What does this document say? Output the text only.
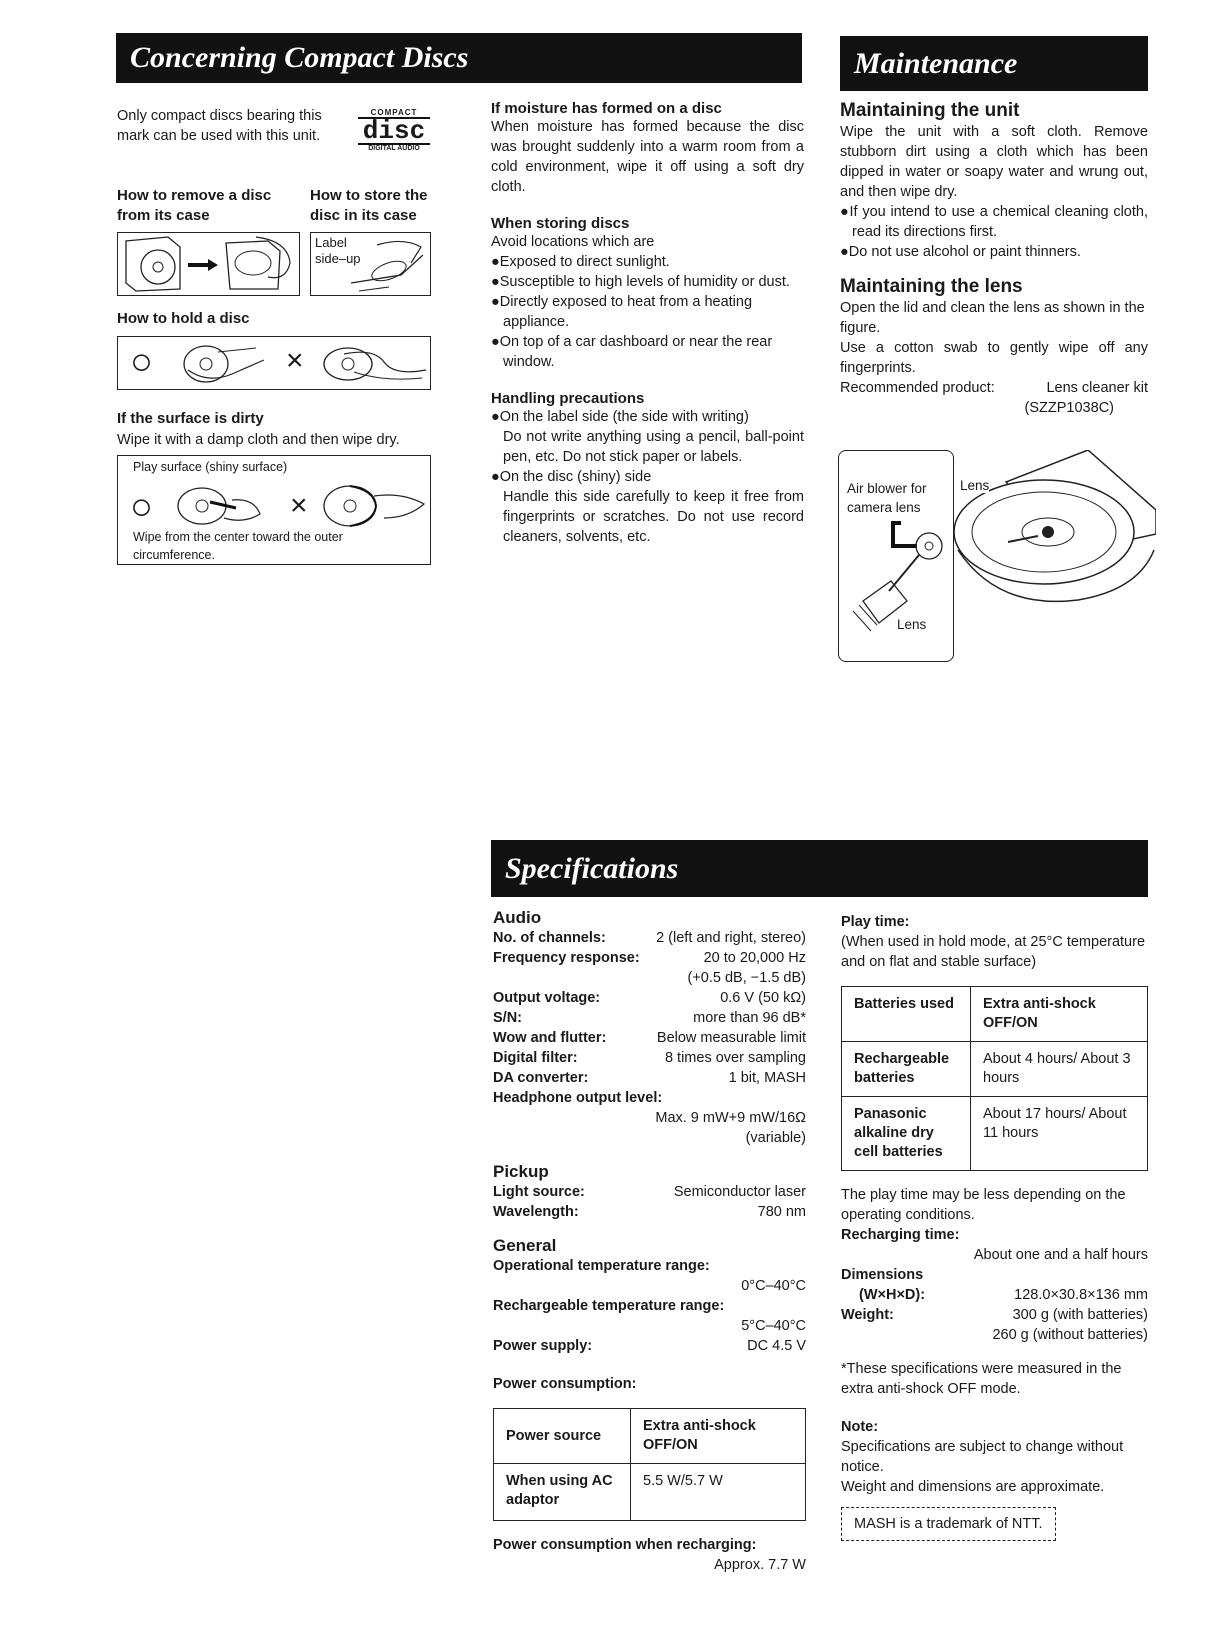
Concerning Compact Discs
Only compact discs bearing this mark can be used with this unit.
COMPACT
disc
DIGITAL AUDIO
How to remove a disc from its case
How to store the disc in its case
Label side–up
How to hold a disc
○	×
If the surface is dirty
Wipe it with a damp cloth and then wipe dry.
Play surface (shiny surface)
○	×
Wipe from the center toward the outer circumference.
If moisture has formed on a disc
When moisture has formed because the disc was brought suddenly into a warm room from a cold environment, wipe it off using a soft dry cloth.
When storing discs
Avoid locations which are
●Exposed to direct sunlight.
●Susceptible to high levels of humidity or dust.
●Directly exposed to heat from a heating appliance.
●On top of a car dashboard or near the rear window.
Handling precautions
●On the label side (the side with writing)
Do not write anything using a pencil, ball-point pen, etc. Do not stick paper or labels.
●On the disc (shiny) side
Handle this side carefully to keep it free from fingerprints or scratches. Do not use record cleaners, solvents, etc.
Maintenance
Maintaining the unit
Wipe the unit with a soft cloth. Remove stubborn dirt using a cloth which has been dipped in water or soapy water and wrung out, and then wipe dry.
●If you intend to use a chemical cleaning cloth, read its directions first.
●Do not use alcohol or paint thinners.
Maintaining the lens
Open the lid and clean the lens as shown in the figure.
Use a cotton swab to gently wipe off any fingerprints.
Recommended product:	Lens cleaner kit
(SZZP1038C)
Air blower for camera lens
Lens
Lens
Specifications
Audio
No. of channels:	2 (left and right, stereo)
Frequency response:	20 to 20,000 Hz
(+0.5 dB, −1.5 dB)
Output voltage:	0.6 V (50 kΩ)
S/N:	more than 96 dB*
Wow and flutter:	Below measurable limit
Digital filter:	8 times over sampling
DA converter:	1 bit, MASH
Headphone output level:
Max. 9 mW+9 mW/16Ω
(variable)
Pickup
Light source:	Semiconductor laser
Wavelength:	780 nm
General
Operational temperature range:
0°C–40°C
Rechargeable temperature range:
5°C–40°C
Power supply:	DC 4.5 V
Power consumption:
Power source	Extra anti-shock OFF/ON
When using AC adaptor	5.5 W/5.7 W
Power consumption when recharging:
Approx. 7.7 W
Play time:
(When used in hold mode, at 25°C temperature and on flat and stable surface)
Batteries used	Extra anti-shock OFF/ON
Rechargeable batteries	About 4 hours/ About 3 hours
Panasonic alkaline dry cell batteries	About 17 hours/ About 11 hours
The play time may be less depending on the operating conditions.
Recharging time:
About one and a half hours
Dimensions
(W×H×D):	128.0×30.8×136 mm
Weight:	300 g (with batteries)
260 g (without batteries)
*These specifications were measured in the extra anti-shock OFF mode.
Note:
Specifications are subject to change without notice.
Weight and dimensions are approximate.
MASH is a trademark of NTT.
